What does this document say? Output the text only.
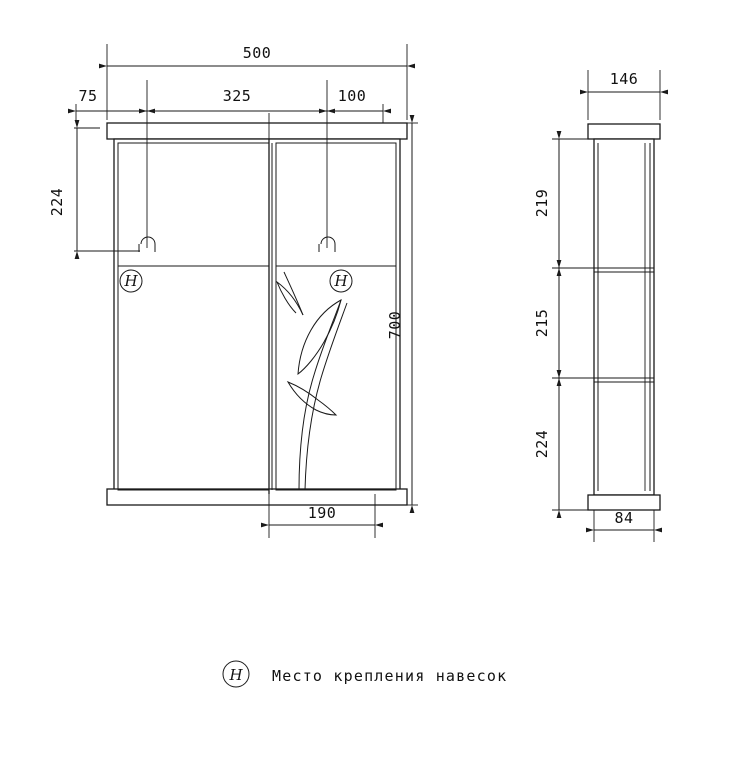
Н	Н
500
75	325	100
224
700
190
146
219
215
224
84
Н Место крепления навесок
